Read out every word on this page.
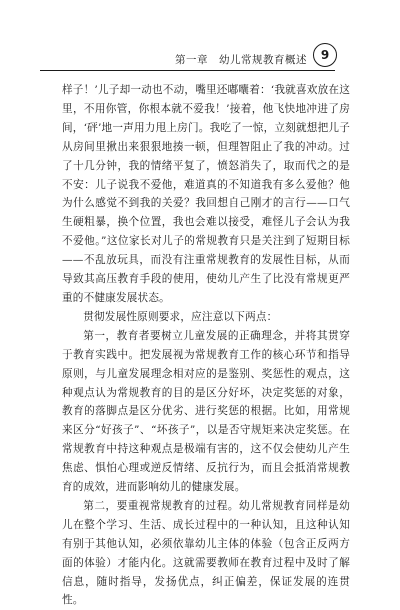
第一章　幼儿常规教育概述	9

样子！’儿子却一动也不动，嘴里还嘟囔着：‘我就喜欢放在这里，不用你管，你根本就不爱我！’接着，他飞快地冲进了房间，‘砰’地一声用力甩上房门。我吃了一惊，立刻就想把儿子从房间里揪出来狠狠地揍一顿，但理智阻止了我的冲动。过了十几分钟，我的情绪平复了，愤怒消失了，取而代之的是不安：儿子说我不爱他，难道真的不知道我有多么爱他？他为什么感觉不到我的关爱？我回想自己刚才的言行——口气生硬粗暴，换个位置，我也会难以接受，难怪儿子会认为我不爱他。”这位家长对儿子的常规教育只是关注到了短期目标——不乱放玩具，而没有注重常规教育的发展性目标，从而导致其高压教育手段的使用，使幼儿产生了比没有常规更严重的不健康发展状态。

贯彻发展性原则要求，应注意以下两点：

第一，教育者要树立儿童发展的正确理念，并将其贯穿于教育实践中。把发展视为常规教育工作的核心环节和指导原则，与儿童发展理念相对应的是鉴别、奖惩性的观点，这种观点认为常规教育的目的是区分好坏，决定奖惩的对象，教育的落脚点是区分优劣、进行奖惩的根据。比如，用常规来区分“好孩子”、“坏孩子”，以是否守规矩来决定奖惩。在常规教育中持这种观点是极端有害的，这不仅会使幼儿产生焦虑、惧怕心理或逆反情绪、反抗行为，而且会抵消常规教育的成效，进而影响幼儿的健康发展。

第二，要重视常规教育的过程。幼儿常规教育同样是幼儿在整个学习、生活、成长过程中的一种认知，且这种认知有别于其他认知，必须依靠幼儿主体的体验（包含正反两方面的体验）才能内化。这就需要教师在教育过程中及时了解信息，随时指导，发扬优点，纠正偏差，保证发展的连贯性。
